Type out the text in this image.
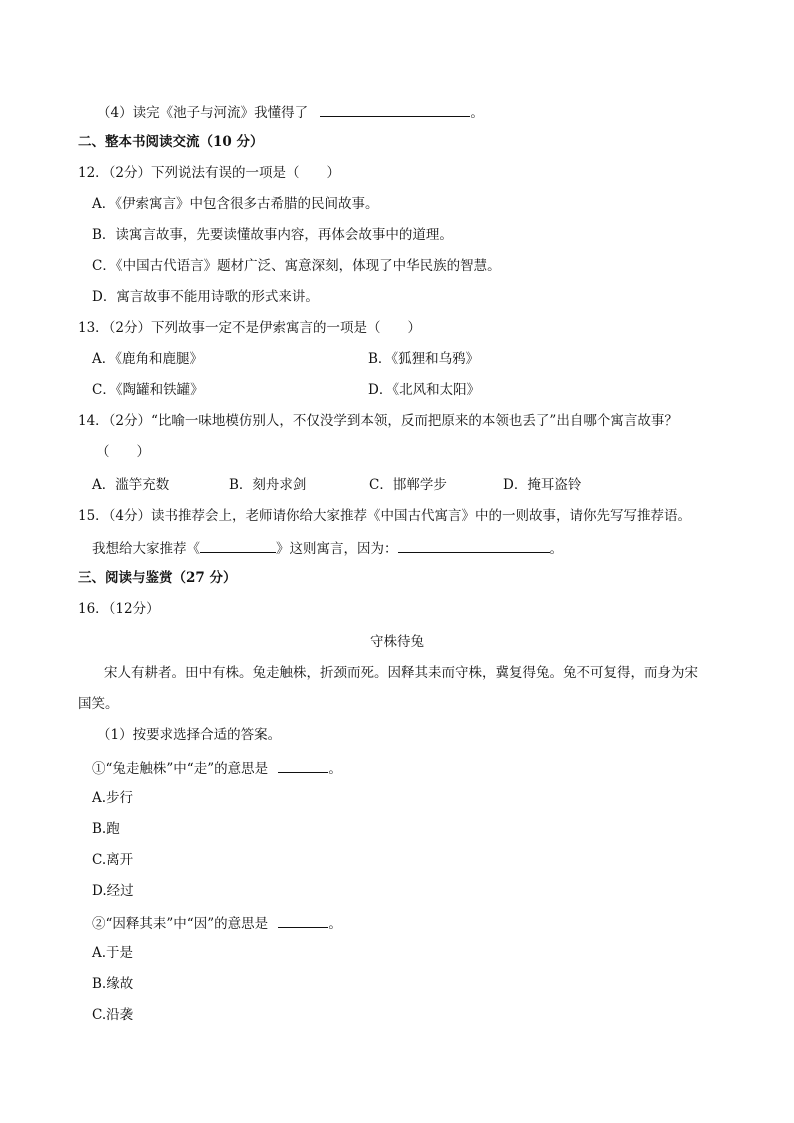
（4）读完《池子与河流》我懂得了	。
二、整本书阅读交流（10 分）
12．（2分）下列说法有误的一项是（　　）
A．《伊索寓言》中包含很多古希腊的民间故事。
B．读寓言故事，先要读懂故事内容，再体会故事中的道理。
C．《中国古代语言》题材广泛、寓意深刻，体现了中华民族的智慧。
D．寓言故事不能用诗歌的形式来讲。
13．（2分）下列故事一定不是伊索寓言的一项是（　　）
A．《鹿角和鹿腿》	B．《狐狸和乌鸦》
C．《陶罐和铁罐》	D．《北风和太阳》
14．（2分）“比喻一味地模仿别人，不仅没学到本领，反而把原来的本领也丢了”出自哪个寓言故事？
（　　）
A．滥竽充数	B．刻舟求剑	C．邯郸学步	D．掩耳盗铃
15．（4分）读书推荐会上，老师请你给大家推荐《中国古代寓言》中的一则故事，请你先写写推荐语。
我想给大家推荐《	》这则寓言，因为：	。
三、阅读与鉴赏（27 分）
16．（12分）
守株待兔
宋人有耕者。田中有株。兔走触株，折颈而死。因释其耒而守株，冀复得兔。兔不可复得，而身为宋
国笑。
（1）按要求选择合适的答案。
①“兔走触株”中“走”的意思是	。
A.步行
B.跑
C.离开
D.经过
②“因释其耒”中“因”的意思是	。
A.于是
B.缘故
C.沿袭
